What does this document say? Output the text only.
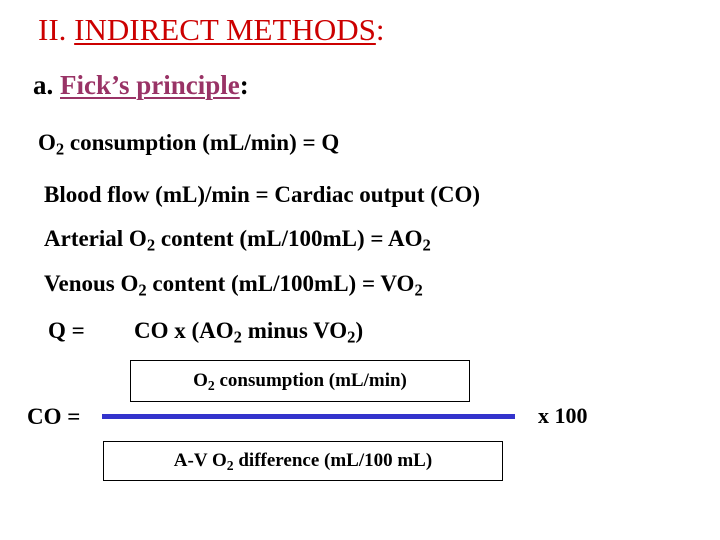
II. INDIRECT METHODS:
a. Fick’s principle:
$O_2$ consumption (mL/min) = Q
Blood flow (mL)/min = Cardiac output (CO)
Arterial $O_2$ content $(mL/100mL) = AO_2$
Venous $O_2$ content $(mL/100mL) = VO_2$
Q = CO x ($AO_2$ minus $VO_2$)
$O_2$ consumption (mL/min)
CO =	x 100
A-V $O_2$ difference (mL/100 mL)
